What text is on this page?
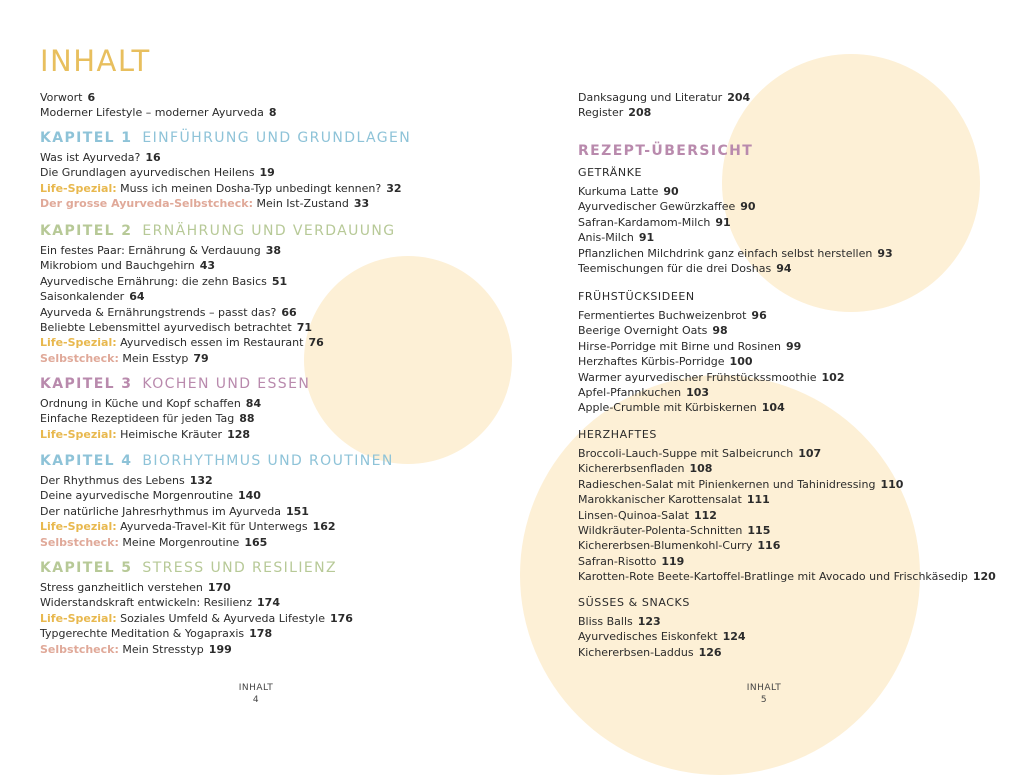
INHALT
Vorwort 6
Moderner Lifestyle – moderner Ayurveda 8
KAPITEL 1 EINFÜHRUNG UND GRUNDLAGEN
Was ist Ayurveda? 16
Die Grundlagen ayurvedischen Heilens 19
Life-Spezial: Muss ich meinen Dosha-Typ unbedingt kennen? 32
Der grosse Ayurveda-Selbstcheck: Mein Ist-Zustand 33
KAPITEL 2 ERNÄHRUNG UND VERDAUUNG
Ein festes Paar: Ernährung & Verdauung 38
Mikrobiom und Bauchgehirn 43
Ayurvedische Ernährung: die zehn Basics 51
Saisonkalender 64
Ayurveda & Ernährungstrends – passt das? 66
Beliebte Lebensmittel ayurvedisch betrachtet 71
Life-Spezial: Ayurvedisch essen im Restaurant 76
Selbstcheck: Mein Esstyp 79
KAPITEL 3 KOCHEN UND ESSEN
Ordnung in Küche und Kopf schaffen 84
Einfache Rezeptideen für jeden Tag 88
Life-Spezial: Heimische Kräuter 128
KAPITEL 4 BIORHYTHMUS UND ROUTINEN
Der Rhythmus des Lebens 132
Deine ayurvedische Morgenroutine 140
Der natürliche Jahresrhythmus im Ayurveda 151
Life-Spezial: Ayurveda-Travel-Kit für Unterwegs 162
Selbstcheck: Meine Morgenroutine 165
KAPITEL 5 STRESS UND RESILIENZ
Stress ganzheitlich verstehen 170
Widerstandskraft entwickeln: Resilienz 174
Life-Spezial: Soziales Umfeld & Ayurveda Lifestyle 176
Typgerechte Meditation & Yogapraxis 178
Selbstcheck: Mein Stresstyp 199
Danksagung und Literatur 204
Register 208
REZEPT-ÜBERSICHT
GETRÄNKE
Kurkuma Latte 90
Ayurvedischer Gewürzkaffee 90
Safran-Kardamom-Milch 91
Anis-Milch 91
Pflanzlichen Milchdrink ganz einfach selbst herstellen 93
Teemischungen für die drei Doshas 94
FRÜHSTÜCKSIDEEN
Fermentiertes Buchweizenbrot 96
Beerige Overnight Oats 98
Hirse-Porridge mit Birne und Rosinen 99
Herzhaftes Kürbis-Porridge 100
Warmer ayurvedischer Frühstückssmoothie 102
Apfel-Pfannkuchen 103
Apple-Crumble mit Kürbiskernen 104
HERZHAFTES
Broccoli-Lauch-Suppe mit Salbeicrunch 107
Kichererbsenfladen 108
Radieschen-Salat mit Pinienkernen und Tahinidressing 110
Marokkanischer Karottensalat 111
Linsen-Quinoa-Salat 112
Wildkräuter-Polenta-Schnitten 115
Kichererbsen-Blumenkohl-Curry 116
Safran-Risotto 119
Karotten-Rote Beete-Kartoffel-Bratlinge mit Avocado und Frischkäsedip 120
SÜSSES & SNACKS
Bliss Balls 123
Ayurvedisches Eiskonfekt 124
Kichererbsen-Laddus 126
INHALT
4
INHALT
5
